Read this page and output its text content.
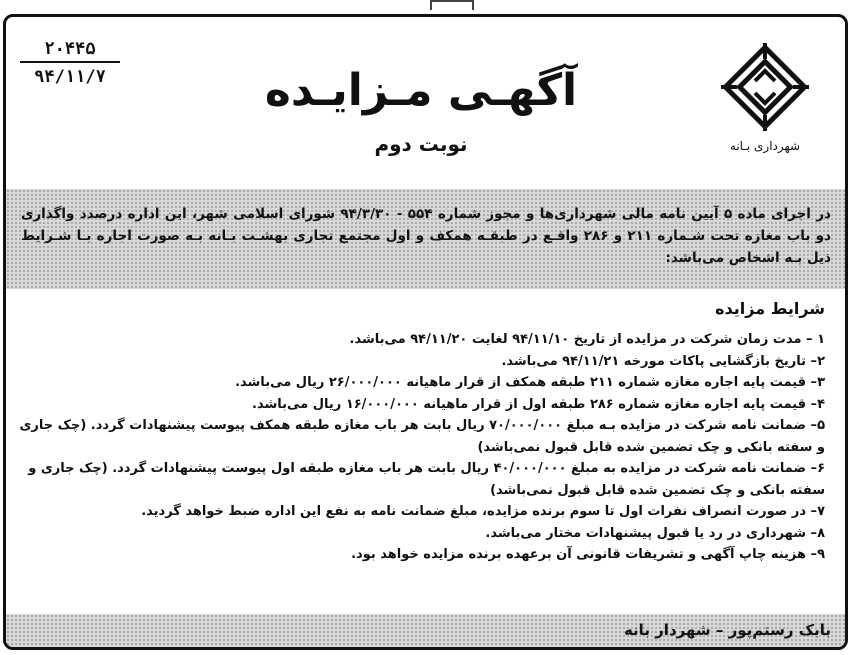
۲۰۴۴۵
۹۴/۱۱/۷	آگهـی مـزایـده
نوبت دوم	شهرداری بـانه
در اجرای ماده ۵ آیین نامه مالی شهرداری‌ها و مجوز شماره ۵۵۴ - ۹۴/۳/۳۰ شورای اسلامی شهر، این اداره درصدد واگذاری دو باب مغازه تحت شـماره ۲۱۱ و ۲۸۶ واقـع در طبقـه همکف و اول مجتمع تجاری بهشـت بـانه بـه صورت اجاره بـا شـرایط ذیل بـه اشخاص می‌باشد:
شرایط مزایده
۱ – مدت زمان شرکت در مزایده از تاریخ ۹۴/۱۱/۱۰ لغایت ۹۴/۱۱/۲۰ می‌باشد.
۲– تاریخ بازگشایی پاکات مورخه ۹۴/۱۱/۲۱ می‌باشد.
۳– قیمت پایه اجاره مغازه شماره ۲۱۱ طبقه همکف از قرار ماهیانه ۲۶/۰۰۰/۰۰۰ ریال می‌باشد.
۴– قیمت پایه اجاره مغازه شماره ۲۸۶ طبقه اول از قرار ماهیانه ۱۶/۰۰۰/۰۰۰ ریال می‌باشد.
۵– ضمانت نامه شرکت در مزایده بـه مبلغ ۷۰/۰۰۰/۰۰۰ ریال بابت هر باب مغازه طبقه همکف پیوست پیشنهادات گردد. (چک جاری و سفته بانکی و چک تضمین شده قابل قبول نمی‌باشد)
۶– ضمانت نامه شرکت در مزایده به مبلغ ۴۰/۰۰۰/۰۰۰ ریال بابت هر باب مغازه طبقه اول پیوست پیشنهادات گردد. (چک جاری و سفته بانکی و چک تضمین شده قابل قبول نمی‌باشد)
۷– در صورت انصراف نفرات اول تا سوم برنده مزایده، مبلغ ضمانت نامه به نفع این اداره ضبط خواهد گردید.
۸– شهرداری در رد یا قبول پیشنهادات مختار می‌باشد.
۹– هزینه چاپ آگهی و تشریفات قانونی آن برعهده برنده مزایده خواهد بود.
بابک رستم‌پور – شهردار بانه
